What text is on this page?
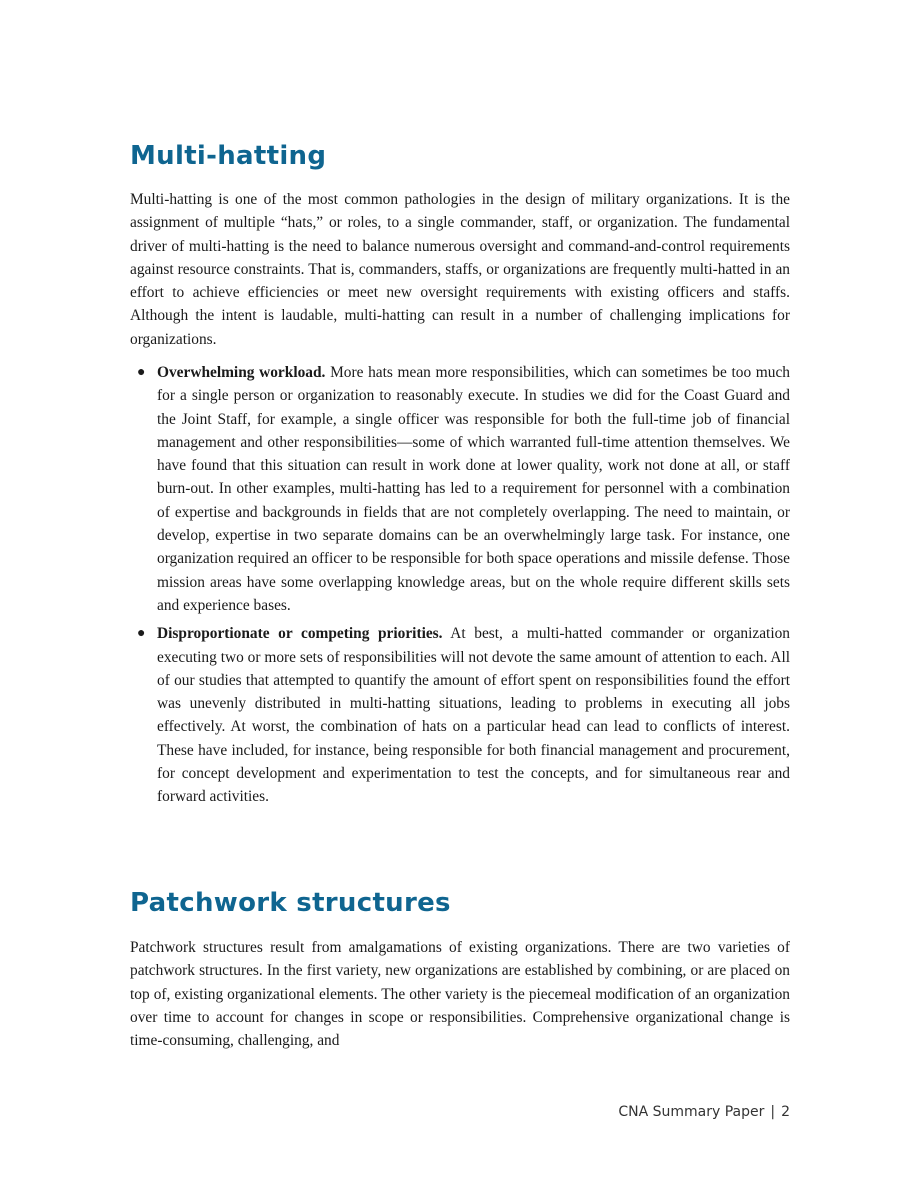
Multi-hatting

Multi-hatting is one of the most common pathologies in the design of military organizations. It is the assignment of multiple “hats,” or roles, to a single commander, staff, or organization. The fundamental driver of multi-hatting is the need to balance numerous oversight and command-and-control requirements against resource constraints. That is, commanders, staffs, or organizations are frequently multi-hatted in an effort to achieve efficiencies or meet new oversight requirements with existing officers and staffs. Although the intent is laudable, multi-hatting can result in a number of challenging implications for organizations.

● Overwhelming workload. More hats mean more responsibilities, which can sometimes be too much for a single person or organization to reasonably execute. In studies we did for the Coast Guard and the Joint Staff, for example, a single officer was responsible for both the full-time job of financial management and other responsibilities—some of which warranted full-time attention themselves. We have found that this situation can result in work done at lower quality, work not done at all, or staff burn-out. In other examples, multi-hatting has led to a requirement for personnel with a combination of expertise and backgrounds in fields that are not completely overlapping. The need to maintain, or develop, expertise in two separate domains can be an overwhelmingly large task. For instance, one organization required an officer to be responsible for both space operations and missile defense. Those mission areas have some overlapping knowledge areas, but on the whole require different skills sets and experience bases.
● Disproportionate or competing priorities. At best, a multi-hatted commander or organization executing two or more sets of responsibilities will not devote the same amount of attention to each. All of our studies that attempted to quantify the amount of effort spent on responsibilities found the effort was unevenly distributed in multi-hatting situations, leading to problems in executing all jobs effectively. At worst, the combination of hats on a particular head can lead to conflicts of interest. These have included, for instance, being responsible for both financial management and procurement, for concept development and experimentation to test the concepts, and for simultaneous rear and forward activities.
Patchwork structures

Patchwork structures result from amalgamations of existing organizations. There are two varieties of patchwork structures. In the first variety, new organizations are established by combining, or are placed on top of, existing organizational elements. The other variety is the piecemeal modification of an organization over time to account for changes in scope or responsibilities. Comprehensive organizational change is time-consuming, challenging, and

CNA Summary Paper | 2
